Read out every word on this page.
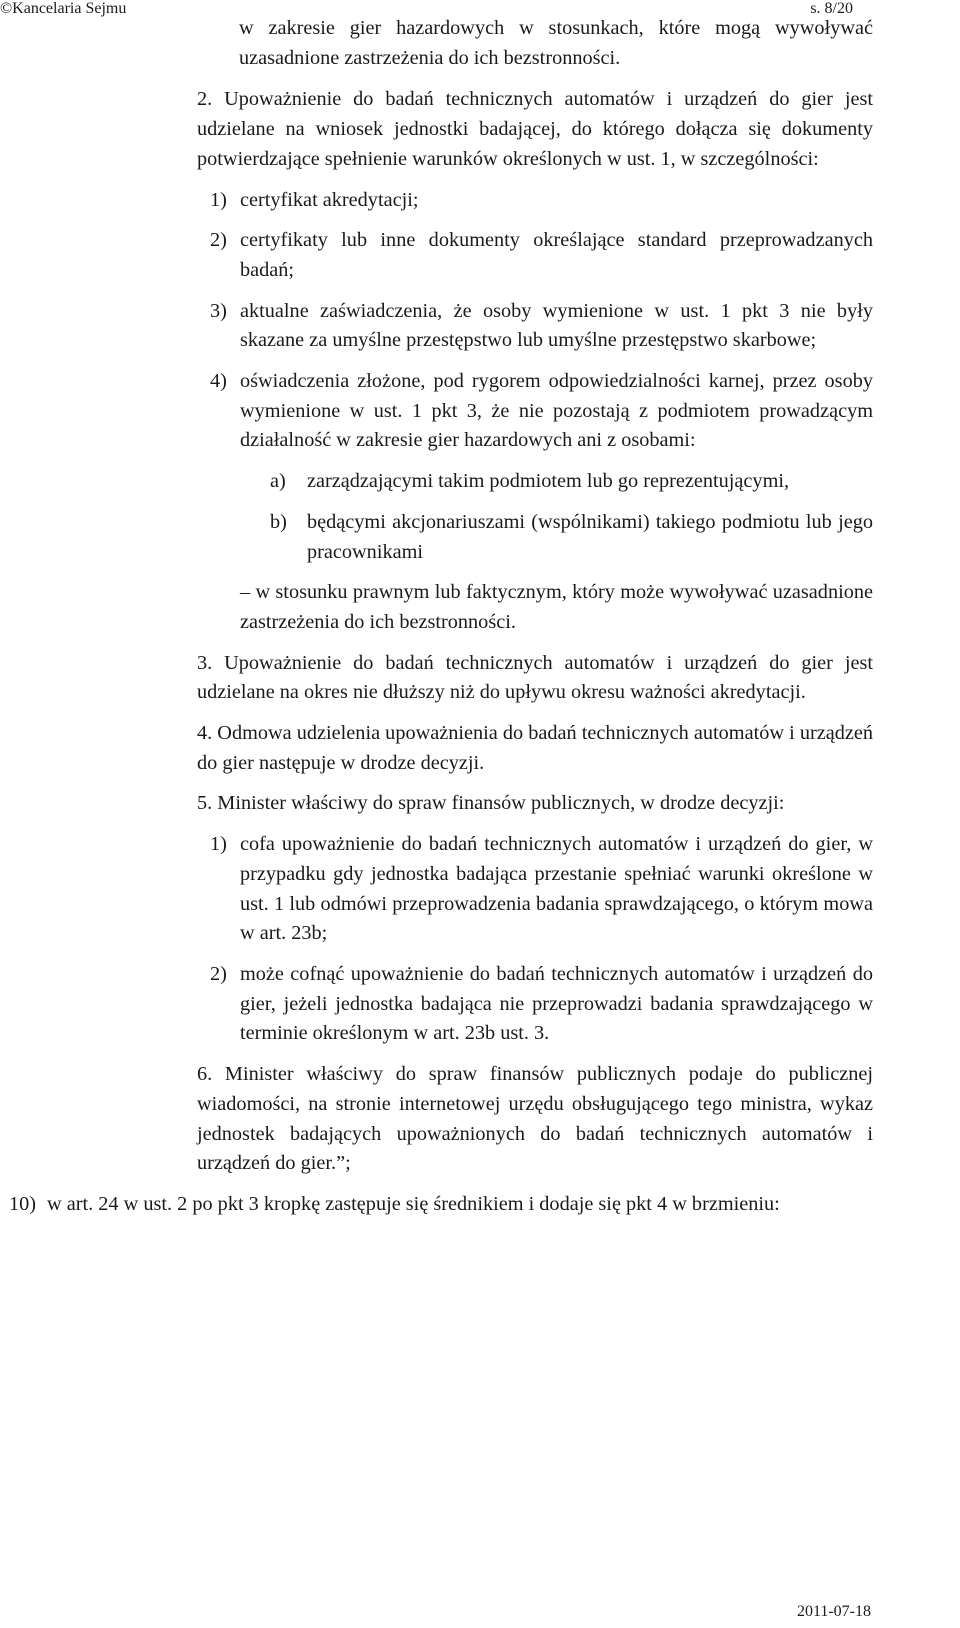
©Kancelaria Sejmu	s. 8/20

w zakresie gier hazardowych w stosunkach, które mogą wywoływać uzasadnione zastrzeżenia do ich bezstronności.

2. Upoważnienie do badań technicznych automatów i urządzeń do gier jest udzielane na wniosek jednostki badającej, do którego dołącza się dokumenty potwierdzające spełnienie warunków określonych w ust. 1, w szczególności:

1) certyfikat akredytacji;

2) certyfikaty lub inne dokumenty określające standard przeprowadzanych badań;

3) aktualne zaświadczenia, że osoby wymienione w ust. 1 pkt 3 nie były skazane za umyślne przestępstwo lub umyślne przestępstwo skarbowe;

4) oświadczenia złożone, pod rygorem odpowiedzialności karnej, przez osoby wymienione w ust. 1 pkt 3, że nie pozostają z podmiotem prowadzącym działalność w zakresie gier hazardowych ani z osobami:

a) zarządzającymi takim podmiotem lub go reprezentującymi,

b) będącymi akcjonariuszami (wspólnikami) takiego podmiotu lub jego pracownikami

– w stosunku prawnym lub faktycznym, który może wywoływać uzasadnione zastrzeżenia do ich bezstronności.

3. Upoważnienie do badań technicznych automatów i urządzeń do gier jest udzielane na okres nie dłuższy niż do upływu okresu ważności akredytacji.

4. Odmowa udzielenia upoważnienia do badań technicznych automatów i urządzeń do gier następuje w drodze decyzji.

5. Minister właściwy do spraw finansów publicznych, w drodze decyzji:

1) cofa upoważnienie do badań technicznych automatów i urządzeń do gier, w przypadku gdy jednostka badająca przestanie spełniać warunki określone w ust. 1 lub odmówi przeprowadzenia badania sprawdzającego, o którym mowa w art. 23b;

2) może cofnąć upoważnienie do badań technicznych automatów i urządzeń do gier, jeżeli jednostka badająca nie przeprowadzi badania sprawdzającego w terminie określonym w art. 23b ust. 3.

6. Minister właściwy do spraw finansów publicznych podaje do publicznej wiadomości, na stronie internetowej urzędu obsługującego tego ministra, wykaz jednostek badających upoważnionych do badań technicznych automatów i urządzeń do gier.”;

10) w art. 24 w ust. 2 po pkt 3 kropkę zastępuje się średnikiem i dodaje się pkt 4 w brzmieniu:

2011-07-18
